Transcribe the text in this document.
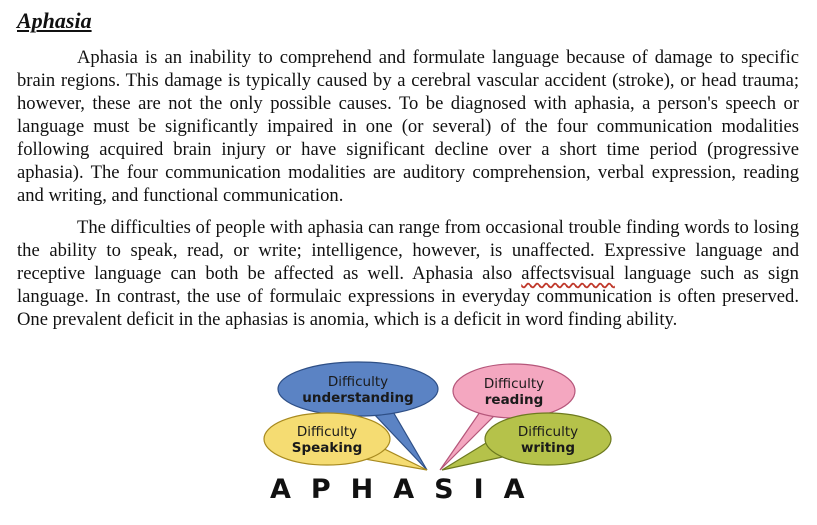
Aphasia

Aphasia is an inability to comprehend and formulate language because of damage to specific brain regions. This damage is typically caused by a cerebral vascular accident (stroke), or head trauma; however, these are not the only possible causes. To be diagnosed with aphasia, a person's speech or language must be significantly impaired in one (or several) of the four communication modalities following acquired brain injury or have significant decline over a short time period (progressive aphasia). The four communication modalities are auditory comprehension, verbal expression, reading and writing, and functional communication.

The difficulties of people with aphasia can range from occasional trouble finding words to losing the ability to speak, read, or write; intelligence, however, is unaffected. Expressive language and receptive language can both be affected as well. Aphasia also affectsvisual language such as sign language. In contrast, the use of formulaic expressions in everyday communication is often preserved. One prevalent deficit in the aphasias is anomia, which is a deficit in word finding ability.

Difficulty
understanding
Difficulty
reading
Difficulty
Speaking
Difficulty
writing
APHASIA
